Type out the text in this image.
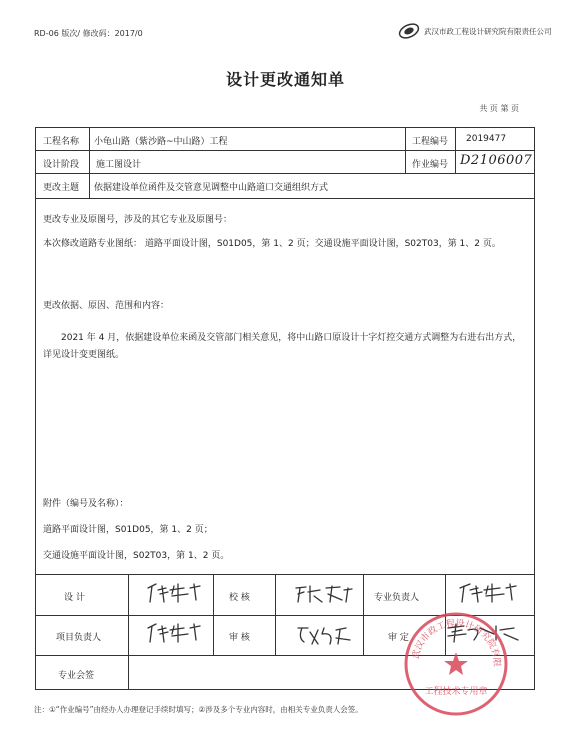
RD-06 版次/ 修改码：2017/0	武汉市政工程设计研究院有限责任公司
设计更改通知单
共 页 第 页
工程名称 小龟山路（紫沙路~中山路）工程	工程编号 2019477
设计阶段 施工图设计	作业编号 D2106007
更改主题 依据建设单位函件及交管意见调整中山路道口交通组织方式
更改专业及原图号，涉及的其它专业及原图号：
本次修改道路专业图纸： 道路平面设计图，S01D05，第 1、2 页；交通设施平面设计图，S02T03，第 1、2 页。
更改依据、原因、范围和内容：
2021 年 4 月，依据建设单位来函及交管部门相关意见，将中山路口原设计十字灯控交通方式调整为右进右出方式，详见设计变更图纸。
附件（编号及名称）：
道路平面设计图，S01D05，第 1、2 页；
交通设施平面设计图，S02T03，第 1、2 页。
设 计	校 核	专业负责人
项目负责人	审 核	审 定
专业会签
武汉市政工程设计研究院有限
工程技术专用章
注：①“作业编号”由经办人办理登记手续时填写；②涉及多个专业内容时，由相关专业负责人会签。
